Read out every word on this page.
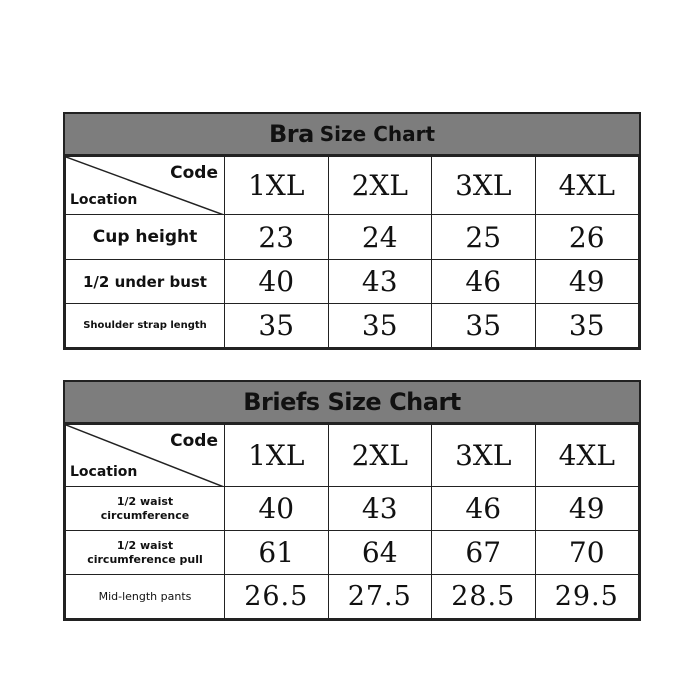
Bra Size Chart
Code
Location	1XL	2XL	3XL	4XL
Cup height	23	24	25	26
1/2 under bust	40	43	46	49
Shoulder strap length	35	35	35	35
Briefs Size Chart
Code
Location	1XL	2XL	3XL	4XL

1/2 waist
circumference	40	43	46	49

1/2 waist
circumference pull	61	64	67	70
Mid-length pants	26.5	27.5	28.5	29.5
